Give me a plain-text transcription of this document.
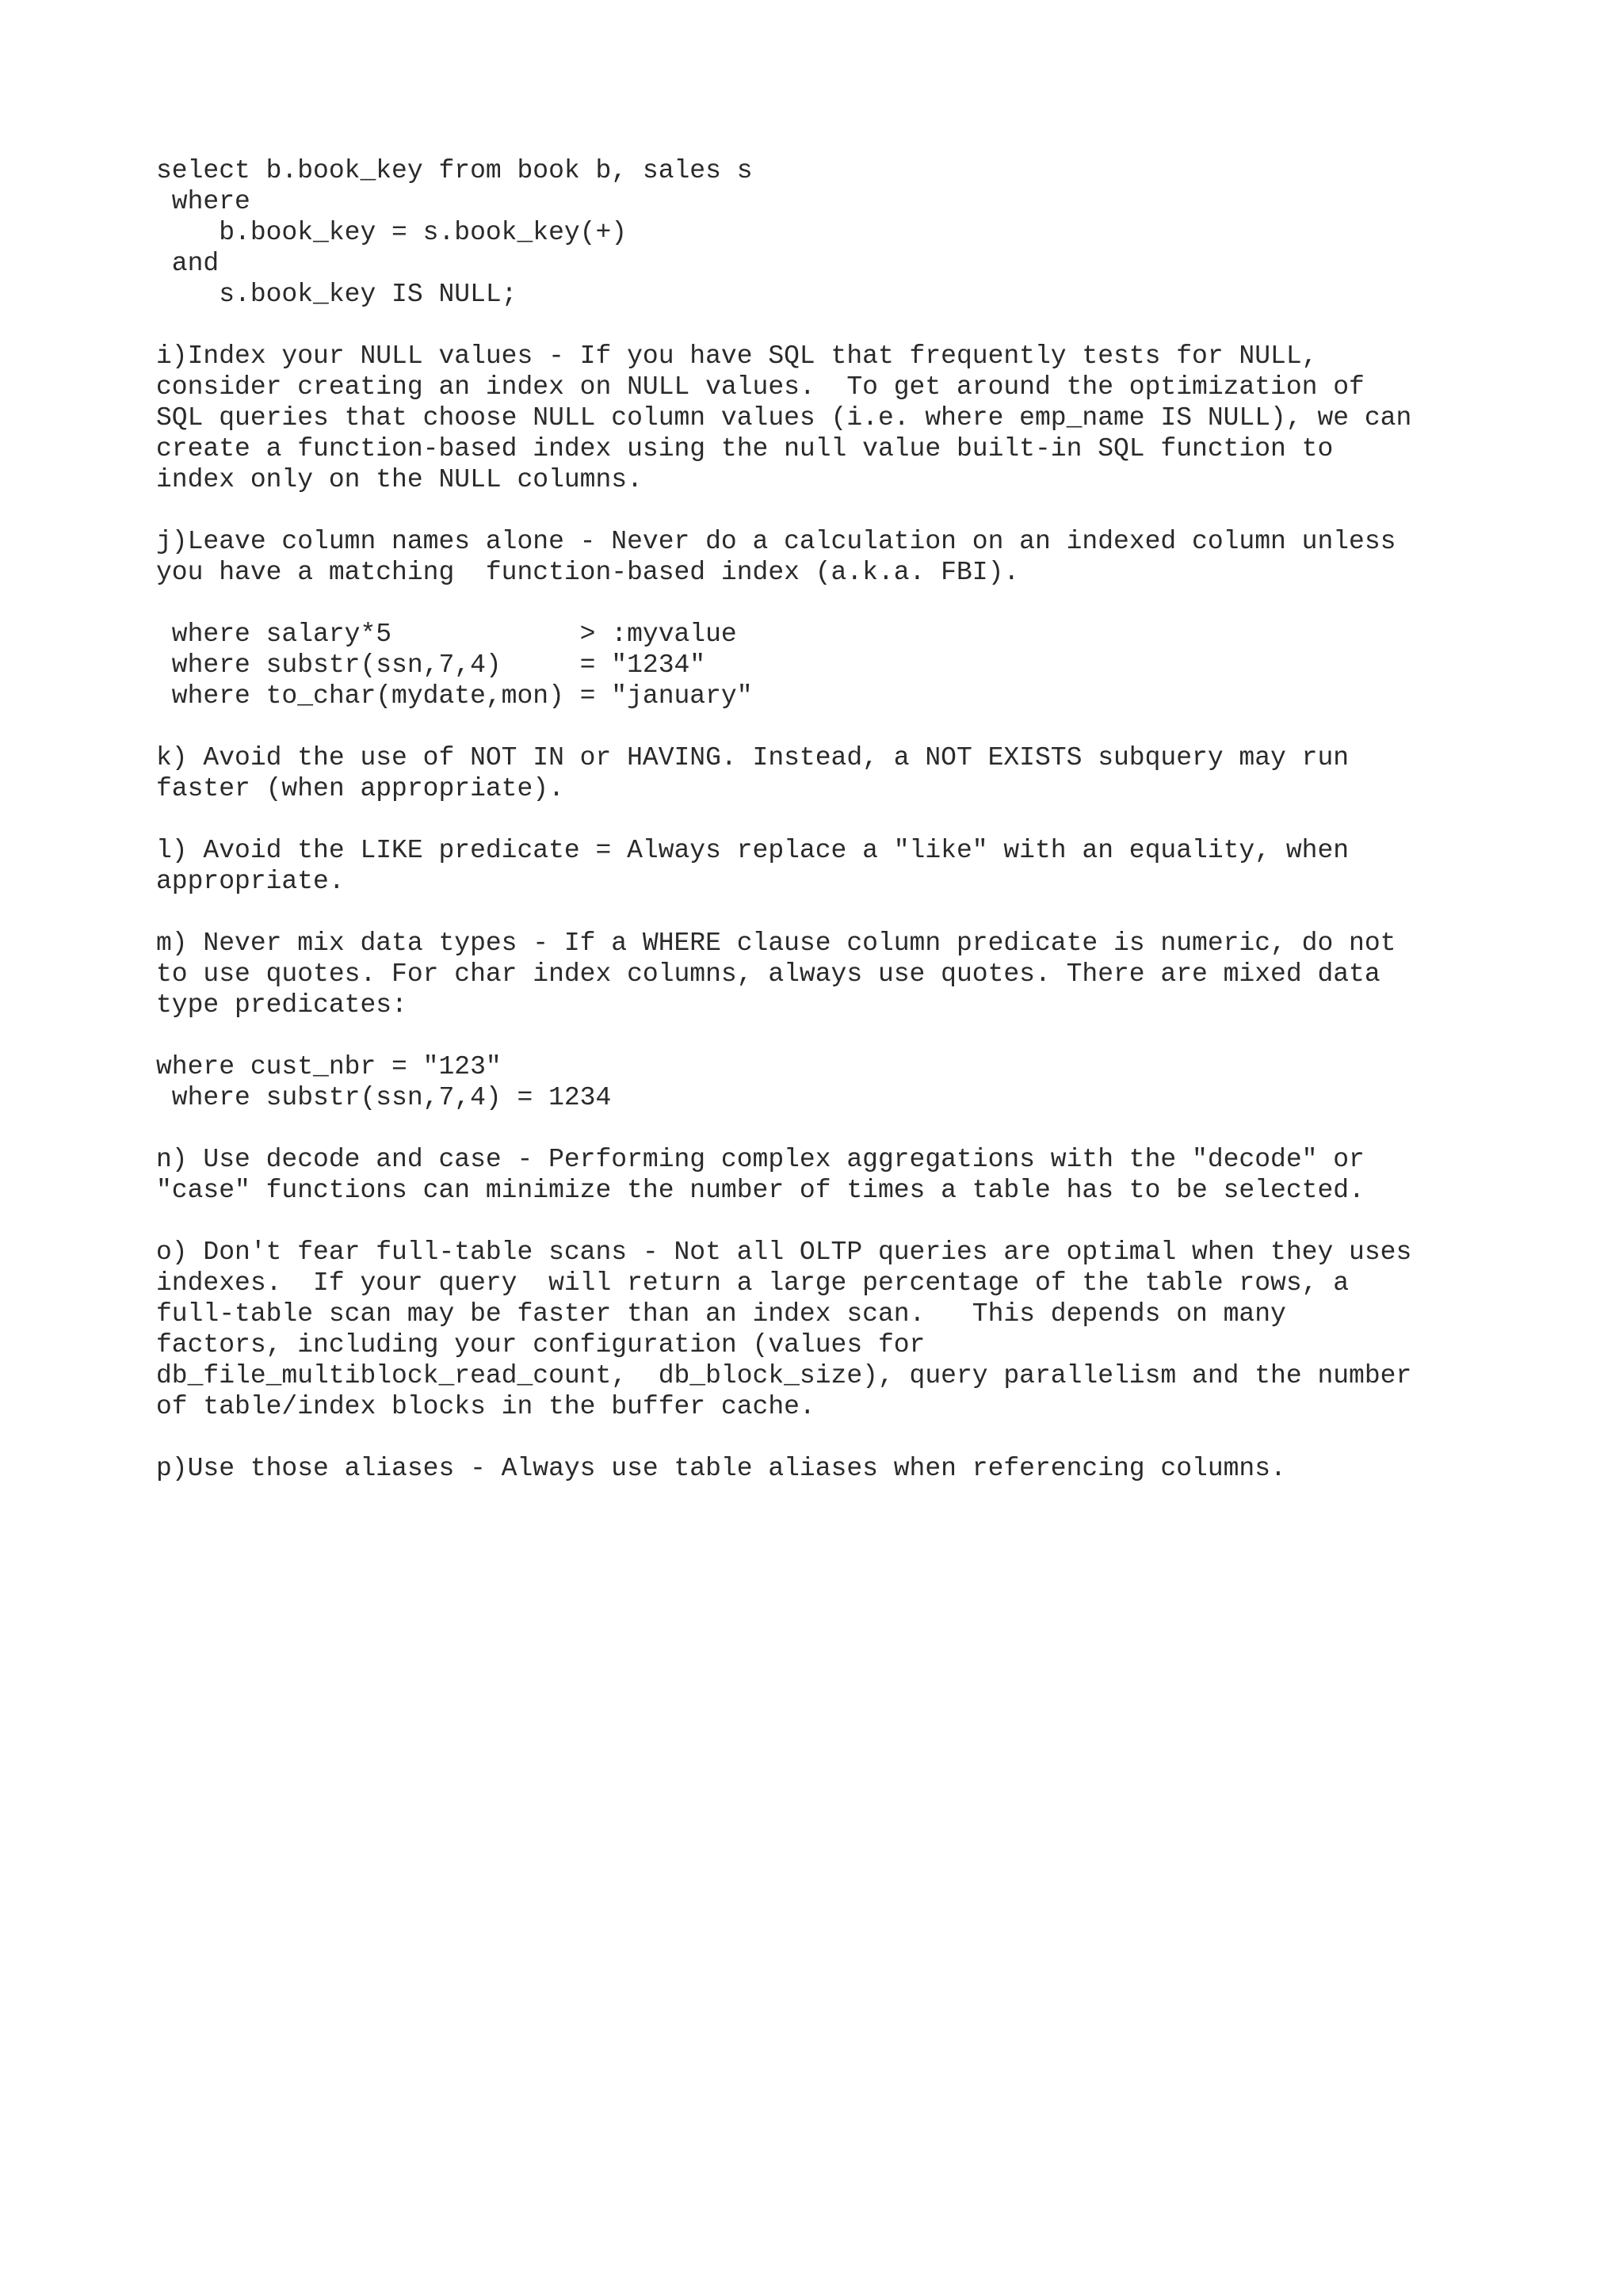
select b.book_key from book b, sales s
where
b.book_key = s.book_key(+)
and
s.book_key IS NULL;
i)Index your NULL values - If you have SQL that frequently tests for NULL,
consider creating an index on NULL values.  To get around the optimization of
SQL queries that choose NULL column values (i.e. where emp_name IS NULL), we can
create a function-based index using the null value built-in SQL function to
index only on the NULL columns.
j)Leave column names alone - Never do a calculation on an indexed column unless
you have a matching  function-based index (a.k.a. FBI).
where salary*5            > :myvalue
where substr(ssn,7,4)     = "1234"
where to_char(mydate,mon) = "january"
k) Avoid the use of NOT IN or HAVING. Instead, a NOT EXISTS subquery may run
faster (when appropriate).
l) Avoid the LIKE predicate = Always replace a "like" with an equality, when
appropriate.
m) Never mix data types - If a WHERE clause column predicate is numeric, do not
to use quotes. For char index columns, always use quotes. There are mixed data
type predicates:
where cust_nbr = "123"
where substr(ssn,7,4) = 1234
n) Use decode and case - Performing complex aggregations with the "decode" or
"case" functions can minimize the number of times a table has to be selected.
o) Don't fear full-table scans - Not all OLTP queries are optimal when they uses
indexes.  If your query  will return a large percentage of the table rows, a
full-table scan may be faster than an index scan.   This depends on many
factors, including your configuration (values for
db_file_multiblock_read_count,  db_block_size), query parallelism and the number
of table/index blocks in the buffer cache.
p)Use those aliases - Always use table aliases when referencing columns.
